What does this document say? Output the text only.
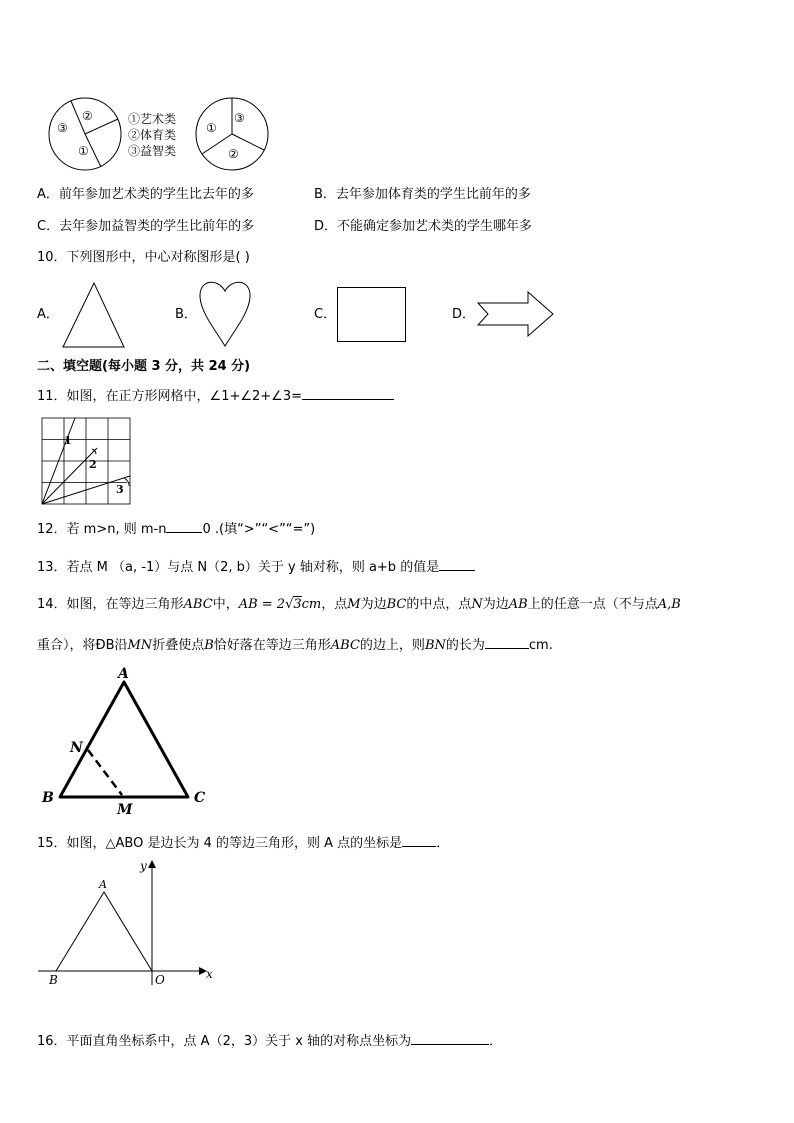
③
②
①
①艺术类
②体育类
③益智类
①
③
②
A．前年参加艺术类的学生比去年的多	B．去年参加体育类的学生比前年的多
C．去年参加益智类的学生比前年的多	D．不能确定参加艺术类的学生哪年多
10．下列图形中，中心对称图形是( )
A．	B．	C．	D．
二、填空题(每小题 3 分，共 24 分)
11．如图，在正方形网格中，∠1+∠2+∠3=
1
2
3
12．若 m>n, 则 m-n	0 .(填“>”“<”“=”)
13．若点 M （a, -1）与点 N（2, b）关于 y 轴对称，则 a+b 的值是
14．如图，在等边三角形ABC中，AB = 2√3cm，点M为边BC的中点，点N为边AB上的任意一点（不与点A,B
重合），将ÐB沿MN折叠使点B恰好落在等边三角形ABC的边上，则BN的长为	cm.
A
B	C
N
M
15．如图，△ABO 是边长为 4 的等边三角形，则 A 点的坐标是	．
A
B	O	x
y
16．平面直角坐标系中，点 A（2，3）关于 x 轴的对称点坐标为	．
